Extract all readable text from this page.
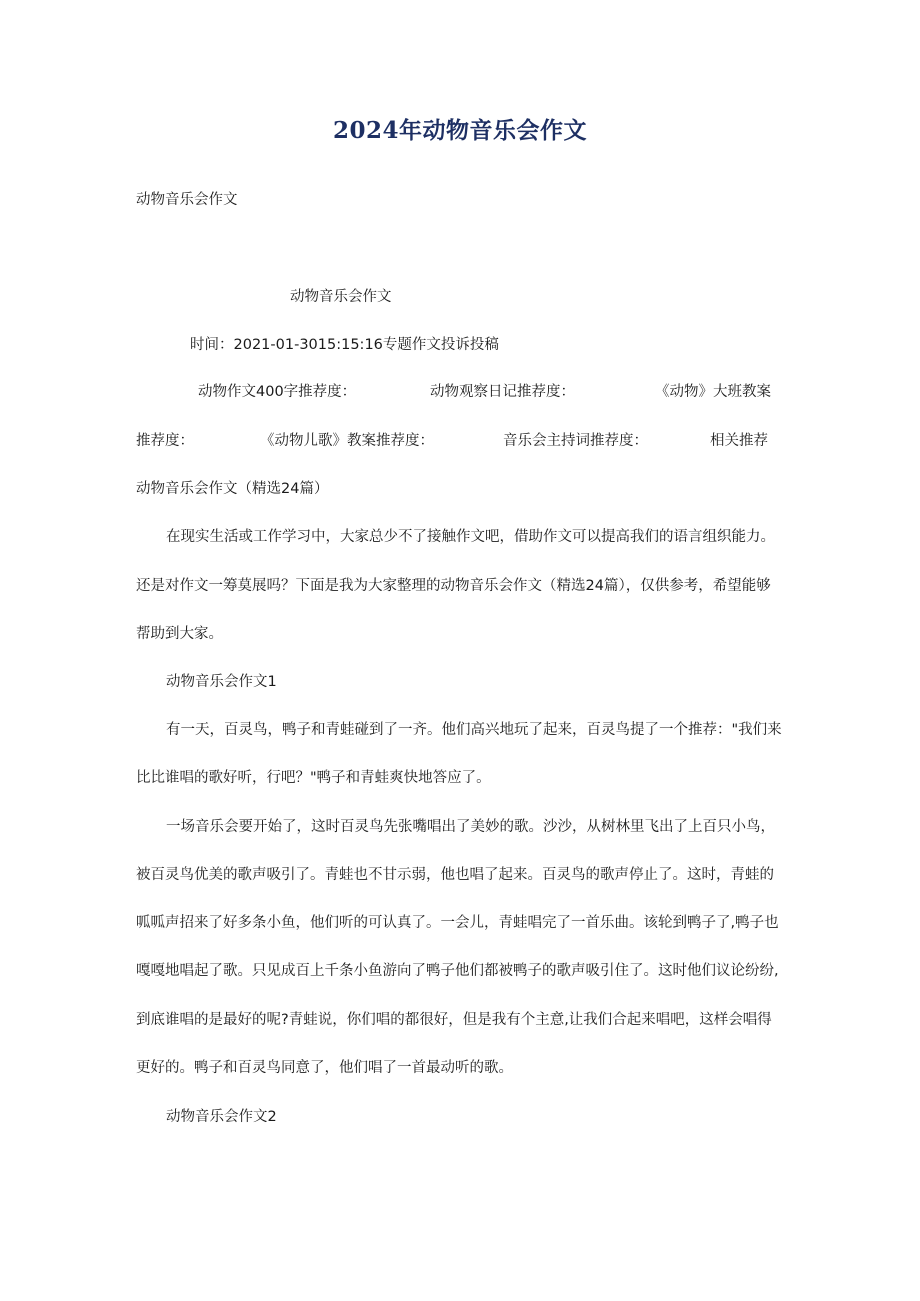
2024年动物音乐会作文
动物音乐会作文
动物音乐会作文
时间：2021-01-3015:15:16专题作文投诉投稿
动物作文400字推荐度：	动物观察日记推荐度：	《动物》大班教案
推荐度：	《动物儿歌》教案推荐度：	音乐会主持词推荐度：	相关推荐
动物音乐会作文（精选24篇）
在现实生活或工作学习中，大家总少不了接触作文吧，借助作文可以提高我们的语言组织能力。
还是对作文一筹莫展吗？下面是我为大家整理的动物音乐会作文（精选24篇），仅供参考，希望能够
帮助到大家。
动物音乐会作文1
有一天，百灵鸟，鸭子和青蛙碰到了一齐。他们高兴地玩了起来，百灵鸟提了一个推荐："我们来
比比谁唱的歌好听，行吧？"鸭子和青蛙爽快地答应了。
一场音乐会要开始了，这时百灵鸟先张嘴唱出了美妙的歌。沙沙，从树林里飞出了上百只小鸟，
被百灵鸟优美的歌声吸引了。青蛙也不甘示弱，他也唱了起来。百灵鸟的歌声停止了。这时，青蛙的
呱呱声招来了好多条小鱼，他们听的可认真了。一会儿，青蛙唱完了一首乐曲。该轮到鸭子了,鸭子也
嘎嘎地唱起了歌。只见成百上千条小鱼游向了鸭子他们都被鸭子的歌声吸引住了。这时他们议论纷纷,
到底谁唱的是最好的呢?青蛙说，你们唱的都很好，但是我有个主意,让我们合起来唱吧，这样会唱得
更好的。鸭子和百灵鸟同意了，他们唱了一首最动听的歌。
动物音乐会作文2
